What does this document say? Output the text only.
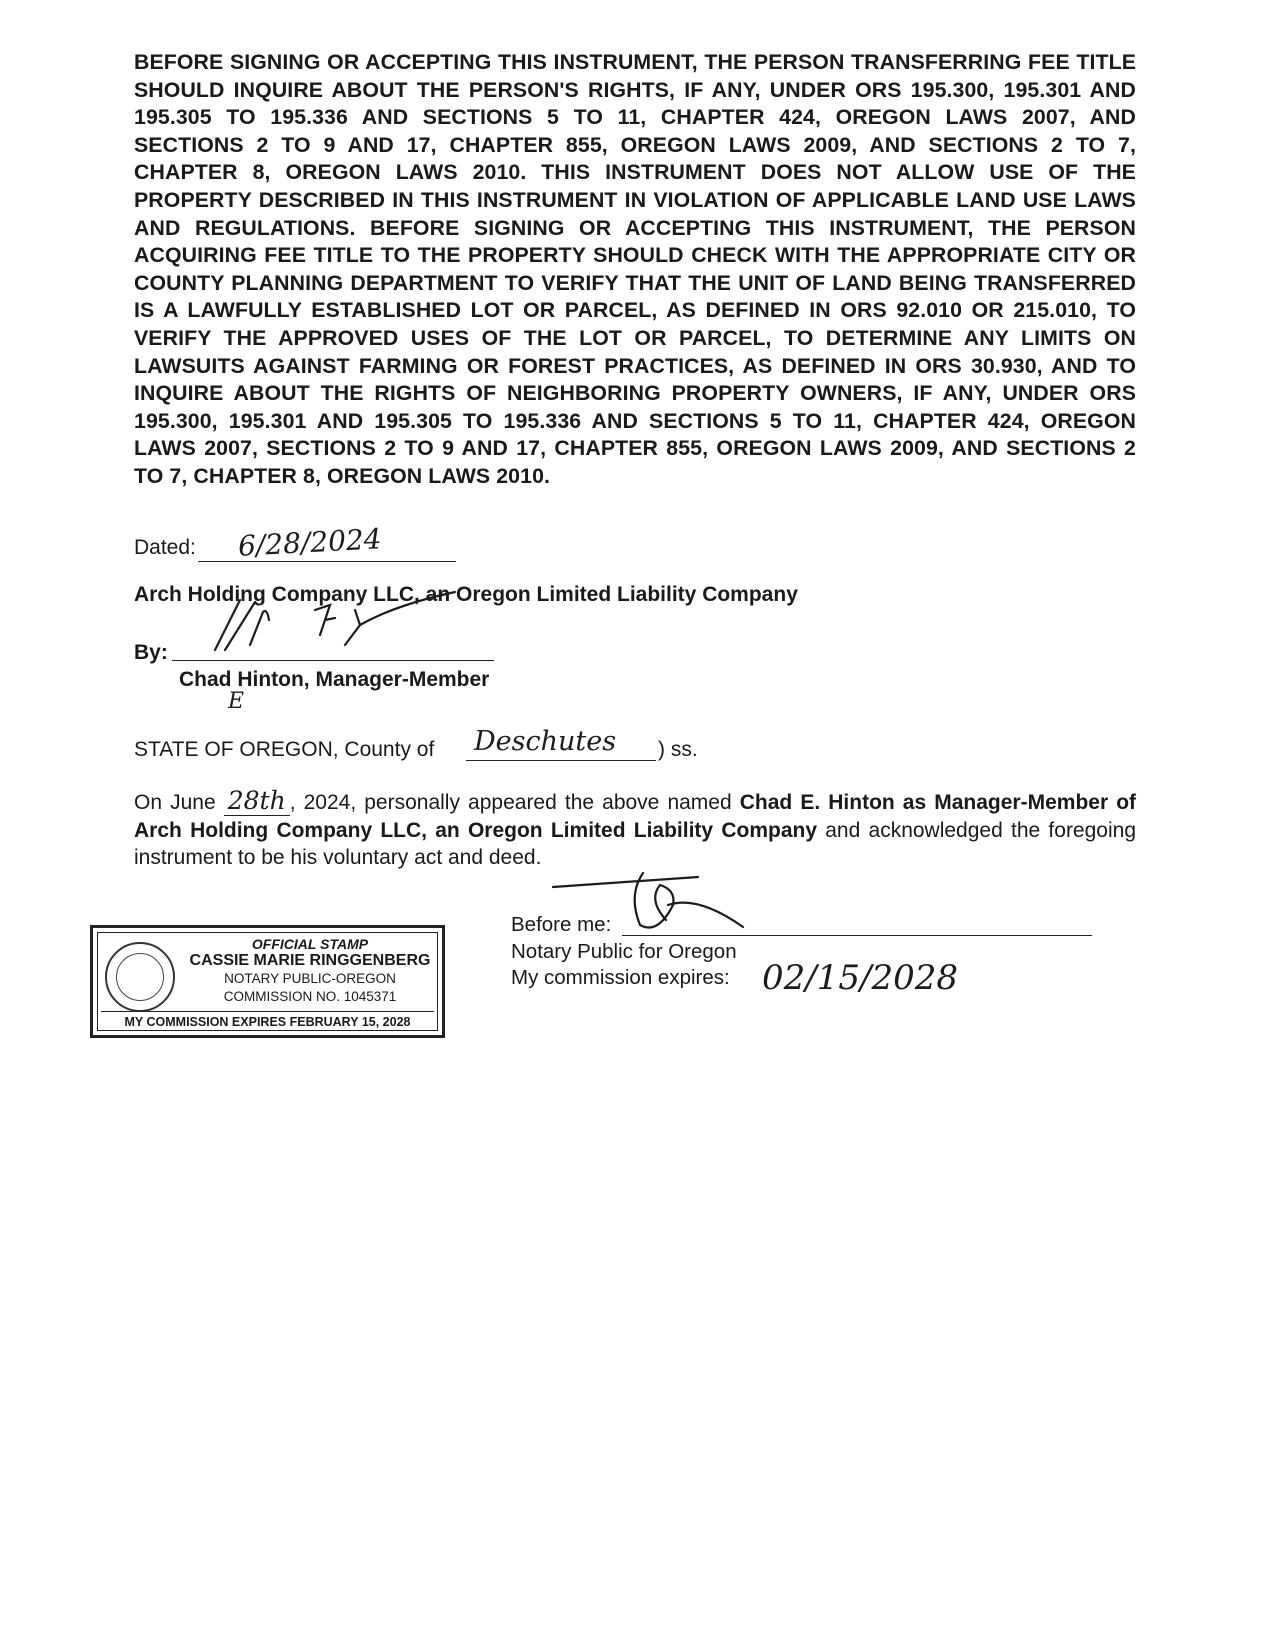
BEFORE SIGNING OR ACCEPTING THIS INSTRUMENT, THE PERSON TRANSFERRING FEE TITLE SHOULD INQUIRE ABOUT THE PERSON'S RIGHTS, IF ANY, UNDER ORS 195.300, 195.301 AND 195.305 TO 195.336 AND SECTIONS 5 TO 11, CHAPTER 424, OREGON LAWS 2007, AND SECTIONS 2 TO 9 AND 17, CHAPTER 855, OREGON LAWS 2009, AND SECTIONS 2 TO 7, CHAPTER 8, OREGON LAWS 2010. THIS INSTRUMENT DOES NOT ALLOW USE OF THE PROPERTY DESCRIBED IN THIS INSTRUMENT IN VIOLATION OF APPLICABLE LAND USE LAWS AND REGULATIONS. BEFORE SIGNING OR ACCEPTING THIS INSTRUMENT, THE PERSON ACQUIRING FEE TITLE TO THE PROPERTY SHOULD CHECK WITH THE APPROPRIATE CITY OR COUNTY PLANNING DEPARTMENT TO VERIFY THAT THE UNIT OF LAND BEING TRANSFERRED IS A LAWFULLY ESTABLISHED LOT OR PARCEL, AS DEFINED IN ORS 92.010 OR 215.010, TO VERIFY THE APPROVED USES OF THE LOT OR PARCEL, TO DETERMINE ANY LIMITS ON LAWSUITS AGAINST FARMING OR FOREST PRACTICES, AS DEFINED IN ORS 30.930, AND TO INQUIRE ABOUT THE RIGHTS OF NEIGHBORING PROPERTY OWNERS, IF ANY, UNDER ORS 195.300, 195.301 AND 195.305 TO 195.336 AND SECTIONS 5 TO 11, CHAPTER 424, OREGON LAWS 2007, SECTIONS 2 TO 9 AND 17, CHAPTER 855, OREGON LAWS 2009, AND SECTIONS 2 TO 7, CHAPTER 8, OREGON LAWS 2010.
Dated: 6/28/2024
Arch Holding Company LLC, an Oregon Limited Liability Company
By:
Chad Hinton, Manager-Member
E
STATE OF OREGON, County of Deschutes ) ss.
On June 28th , 2024, personally appeared the above named Chad E. Hinton as Manager-Member of Arch Holding Company LLC, an Oregon Limited Liability Company and acknowledged the foregoing instrument to be his voluntary act and deed.
OFFICIAL STAMP
CASSIE MARIE RINGGENBERG
NOTARY PUBLIC-OREGON
COMMISSION NO. 1045371
MY COMMISSION EXPIRES FEBRUARY 15, 2028
Before me:
Notary Public for Oregon
My commission expires: 02/15/2028
